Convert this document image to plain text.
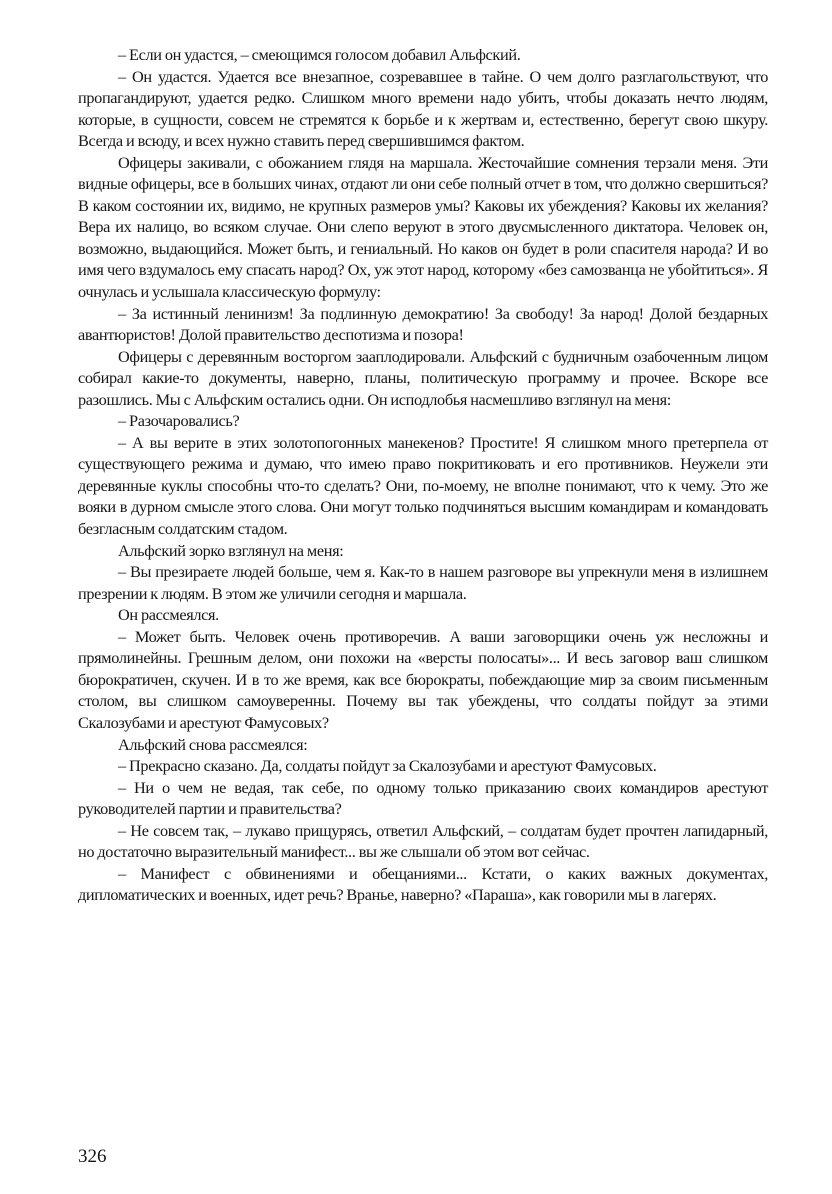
– Если он удастся, – смеющимся голосом добавил Альфский.

– Он удастся. Удается все внезапное, созревавшее в тайне. О чем долго разглагольствуют, что пропагандируют, удается редко. Слишком много времени надо убить, чтобы доказать нечто людям, которые, в сущности, совсем не стремятся к борьбе и к жертвам и, естественно, берегут свою шкуру. Всегда и всюду, и всех нужно ставить перед свершившимся фактом.

Офицеры закивали, с обожанием глядя на маршала. Жесточайшие сомнения терзали меня. Эти видные офицеры, все в больших чинах, отдают ли они себе полный отчет в том, что должно свершиться? В каком состоянии их, видимо, не крупных размеров умы? Каковы их убеждения? Каковы их желания? Вера их налицо, во всяком случае. Они слепо веруют в этого двусмысленного диктатора. Человек он, возможно, выдающийся. Может быть, и гениальный. Но каков он будет в роли спасителя народа? И во имя чего вздумалось ему спасать народ? Ох, уж этот народ, которому «без самозванца не убойтиться». Я очнулась и услышала классическую формулу:

– За истинный ленинизм! За подлинную демократию! За свободу! За народ! Долой бездарных авантюристов! Долой правительство деспотизма и позора!

Офицеры с деревянным восторгом зааплодировали. Альфский с будничным озабоченным лицом собирал какие-то документы, наверно, планы, политическую программу и прочее. Вскоре все разошлись. Мы с Альфским остались одни. Он исподлобья насмешливо взглянул на меня:

– Разочаровались?

– А вы верите в этих золотопогонных манекенов? Простите! Я слишком много претерпела от существующего режима и думаю, что имею право покритиковать и его противников. Неужели эти деревянные куклы способны что-то сделать? Они, по-моему, не вполне понимают, что к чему. Это же вояки в дурном смысле этого слова. Они могут только подчиняться высшим командирам и командовать безгласным солдатским стадом.

Альфский зорко взглянул на меня:

– Вы презираете людей больше, чем я. Как-то в нашем разговоре вы упрекнули меня в излишнем презрении к людям. В этом же уличили сегодня и маршала.

Он рассмеялся.

– Может быть. Человек очень противоречив. А ваши заговорщики очень уж несложны и прямолинейны. Грешным делом, они похожи на «версты полосаты»... И весь заговор ваш слишком бюрократичен, скучен. И в то же время, как все бюрократы, побеждающие мир за своим письменным столом, вы слишком самоуверенны. Почему вы так убеждены, что солдаты пойдут за этими Скалозубами и арестуют Фамусовых?

Альфский снова рассмеялся:

– Прекрасно сказано. Да, солдаты пойдут за Скалозубами и арестуют Фамусовых.

– Ни о чем не ведая, так себе, по одному только приказанию своих командиров арестуют руководителей партии и правительства?

– Не совсем так, – лукаво прищурясь, ответил Альфский, – солдатам будет прочтен лапидарный, но достаточно выразительный манифест... вы же слышали об этом вот сейчас.

– Манифест с обвинениями и обещаниями... Кстати, о каких важных документах, дипломатических и военных, идет речь? Вранье, наверно? «Параша», как говорили мы в лагерях.

326
